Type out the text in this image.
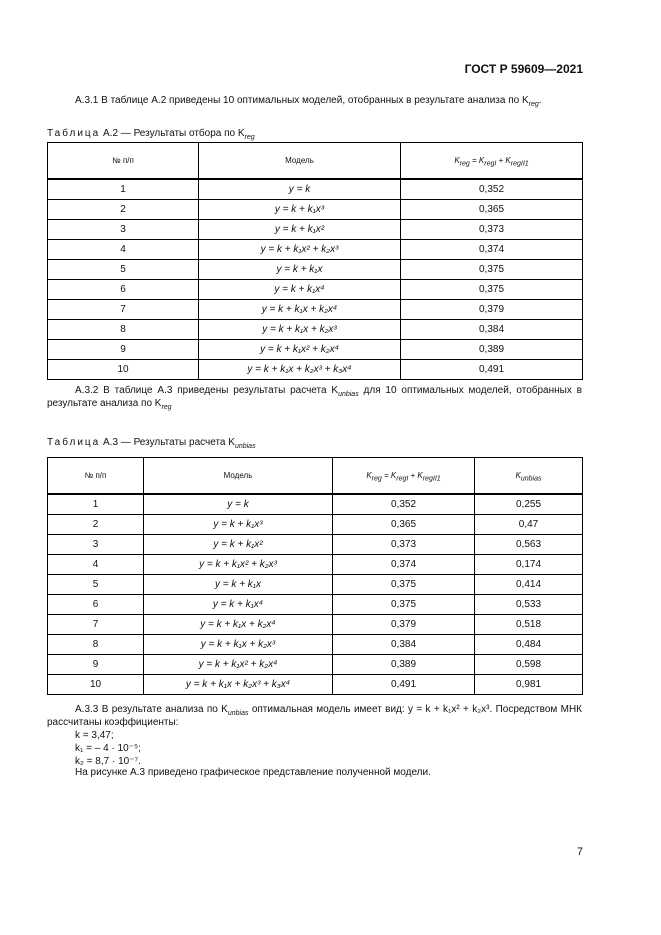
ГОСТ Р 59609—2021
А.3.1 В таблице А.2 приведены 10 оптимальных моделей, отобранных в результате анализа по $K_{reg}$.
Таблица А.2 — Результаты отбора по $K_{reg}$
№ п/п	Модель	$K_{reg} = K_{regI} + K_{regII1}$
1	y = k	0,352
2	y = k + k₁x³	0,365
3	y = k + k₁x²	0,373
4	y = k + k₁x² + k₂x³	0,374
5	y = k + k₁x	0,375
6	y = k + k₁x⁴	0,375
7	y = k + k₁x + k₂x⁴	0,379
8	y = k + k₁x + k₂x³	0,384
9	y = k + k₁x² + k₂x⁴	0,389
10	y = k + k₁x + k₂x³ + k₃x⁴	0,491
А.3.2 В таблице А.3 приведены результаты расчета $K_{unbias}$ для 10 оптимальных моделей, отобранных в результате анализа по $K_{reg}$
Таблица А.3 — Результаты расчета $K_{unbias}$
№ п/п	Модель	$K_{reg} = K_{regI} + K_{regII1}$	$K_{unbias}$
1	y = k	0,352	0,255
2	y = k + k₁x³	0,365	0,47
3	y = k + k₁x²	0,373	0,563
4	y = k + k₁x² + k₂x³	0,374	0,174
5	y = k + k₁x	0,375	0,414
6	y = k + k₁x⁴	0,375	0,533
7	y = k + k₁x + k₂x⁴	0,379	0,518
8	y = k + k₁x + k₂x³	0,384	0,484
9	y = k + k₁x² + k₂x⁴	0,389	0,598
10	y = k + k₁x + k₂x³ + k₃x⁴	0,491	0,981
А.3.3 В результате анализа по $K_{unbias}$ оптимальная модель имеет вид: y = k + k₁x² + k₂x³. Посредством МНК рассчитаны коэффициенты:
k = 3,47;
k₁ = – 4 · 10⁻⁵;
k₂ = 8,7 · 10⁻⁷.
На рисунке А.3 приведено графическое представление полученной модели.
7
